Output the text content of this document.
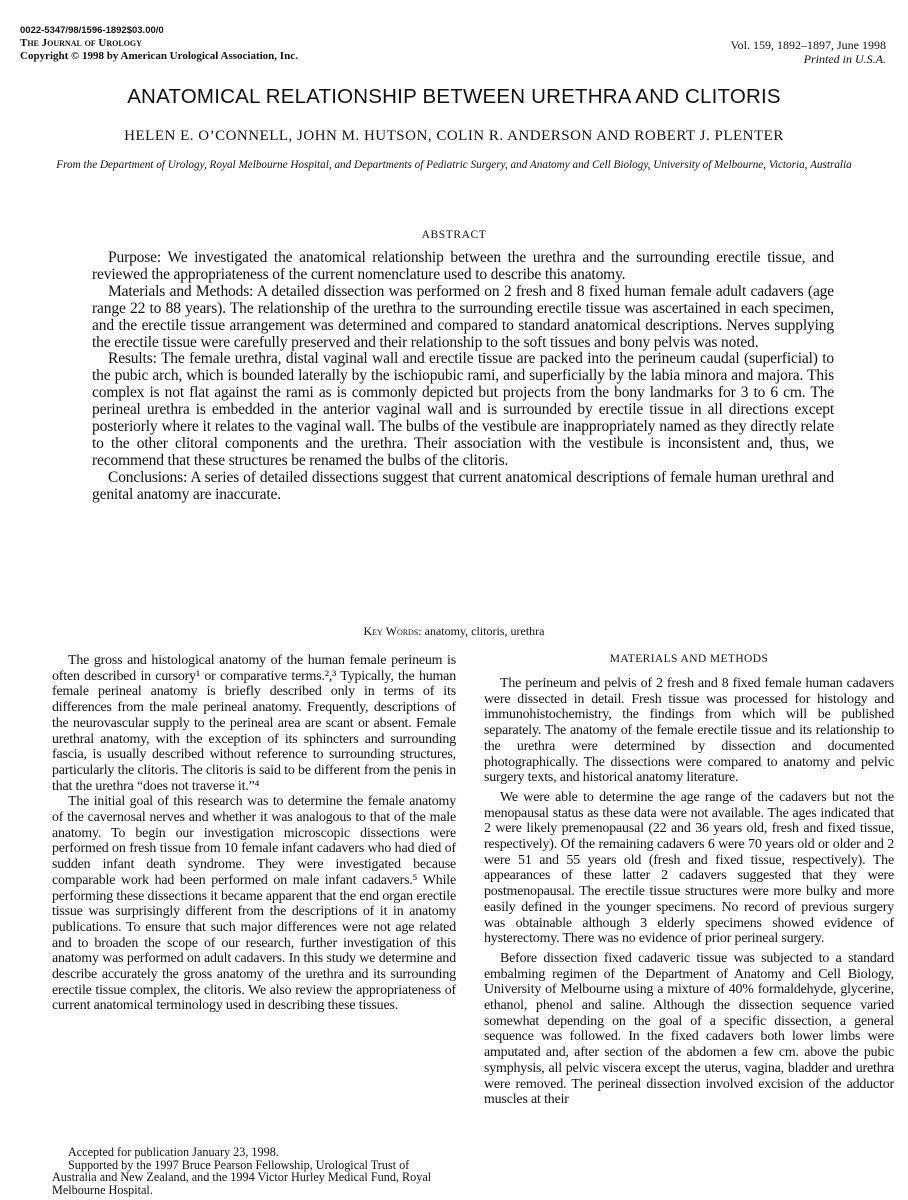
0022-5347/98/1596-1892$03.00/0
The Journal of Urology
Copyright © 1998 by American Urological Association, Inc.
Vol. 159, 1892–1897, June 1998
Printed in U.S.A.
ANATOMICAL RELATIONSHIP BETWEEN URETHRA AND CLITORIS
HELEN E. O’CONNELL, JOHN M. HUTSON, COLIN R. ANDERSON AND ROBERT J. PLENTER
From the Department of Urology, Royal Melbourne Hospital, and Departments of Pediatric Surgery, and Anatomy and Cell Biology, University of Melbourne, Victoria, Australia
ABSTRACT

Purpose: We investigated the anatomical relationship between the urethra and the surrounding erectile tissue, and reviewed the appropriateness of the current nomenclature used to describe this anatomy.

Materials and Methods: A detailed dissection was performed on 2 fresh and 8 fixed human female adult cadavers (age range 22 to 88 years). The relationship of the urethra to the surrounding erectile tissue was ascertained in each specimen, and the erectile tissue arrangement was determined and compared to standard anatomical descriptions. Nerves supplying the erectile tissue were carefully preserved and their relationship to the soft tissues and bony pelvis was noted.

Results: The female urethra, distal vaginal wall and erectile tissue are packed into the perineum caudal (superficial) to the pubic arch, which is bounded laterally by the ischiopubic rami, and superficially by the labia minora and majora. This complex is not flat against the rami as is commonly depicted but projects from the bony landmarks for 3 to 6 cm. The perineal urethra is embedded in the anterior vaginal wall and is surrounded by erectile tissue in all directions except posteriorly where it relates to the vaginal wall. The bulbs of the vestibule are inappropriately named as they directly relate to the other clitoral components and the urethra. Their association with the vestibule is inconsistent and, thus, we recommend that these structures be renamed the bulbs of the clitoris.

Conclusions: A series of detailed dissections suggest that current anatomical descriptions of female human urethral and genital anatomy are inaccurate.

Key Words: anatomy, clitoris, urethra

The gross and histological anatomy of the human female perineum is often described in cursory¹ or comparative terms.²,³ Typically, the human female perineal anatomy is briefly described only in terms of its differences from the male perineal anatomy. Frequently, descriptions of the neurovascular supply to the perineal area are scant or absent. Female urethral anatomy, with the exception of its sphincters and surrounding fascia, is usually described without reference to surrounding structures, particularly the clitoris. The clitoris is said to be different from the penis in that the urethra “does not traverse it.”⁴

The initial goal of this research was to determine the female anatomy of the cavernosal nerves and whether it was analogous to that of the male anatomy. To begin our investigation microscopic dissections were performed on fresh tissue from 10 female infant cadavers who had died of sudden infant death syndrome. They were investigated because comparable work had been performed on male infant cadavers.⁵ While performing these dissections it became apparent that the end organ erectile tissue was surprisingly different from the descriptions of it in anatomy publications. To ensure that such major differences were not age related and to broaden the scope of our research, further investigation of this anatomy was performed on adult cadavers. In this study we determine and describe accurately the gross anatomy of the urethra and its surrounding erectile tissue complex, the clitoris. We also review the appropriateness of current anatomical terminology used in describing these tissues.

Accepted for publication January 23, 1998.

Supported by the 1997 Bruce Pearson Fellowship, Urological Trust of Australia and New Zealand, and the 1994 Victor Hurley Medical Fund, Royal Melbourne Hospital.

MATERIALS AND METHODS

The perineum and pelvis of 2 fresh and 8 fixed female human cadavers were dissected in detail. Fresh tissue was processed for histology and immunohistochemistry, the findings from which will be published separately. The anatomy of the female erectile tissue and its relationship to the urethra were determined by dissection and documented photographically. The dissections were compared to anatomy and pelvic surgery texts, and historical anatomy literature.

We were able to determine the age range of the cadavers but not the menopausal status as these data were not available. The ages indicated that 2 were likely premenopausal (22 and 36 years old, fresh and fixed tissue, respectively). Of the remaining cadavers 6 were 70 years old or older and 2 were 51 and 55 years old (fresh and fixed tissue, respectively). The appearances of these latter 2 cadavers suggested that they were postmenopausal. The erectile tissue structures were more bulky and more easily defined in the younger specimens. No record of previous surgery was obtainable although 3 elderly specimens showed evidence of hysterectomy. There was no evidence of prior perineal surgery.

Before dissection fixed cadaveric tissue was subjected to a standard embalming regimen of the Department of Anatomy and Cell Biology, University of Melbourne using a mixture of 40% formaldehyde, glycerine, ethanol, phenol and saline. Although the dissection sequence varied somewhat depending on the goal of a specific dissection, a general sequence was followed. In the fixed cadavers both lower limbs were amputated and, after section of the abdomen a few cm. above the pubic symphysis, all pelvic viscera except the uterus, vagina, bladder and urethra were removed. The perineal dissection involved excision of the adductor muscles at their
